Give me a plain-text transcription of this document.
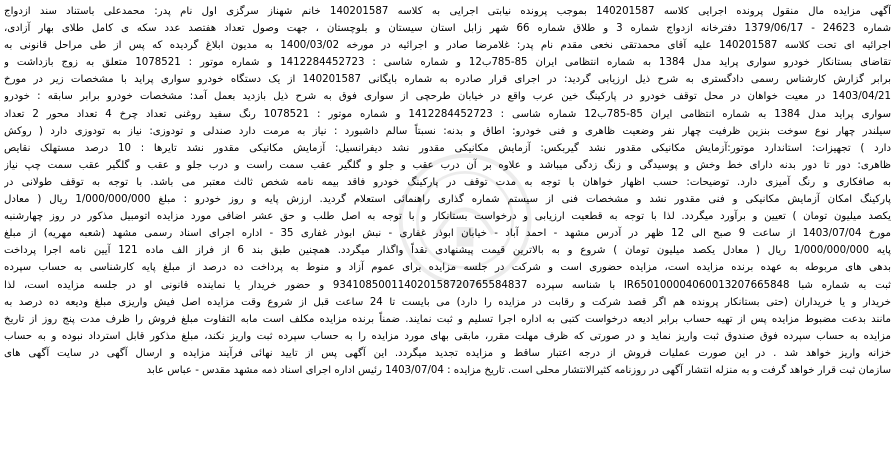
آگهی مزایده مال منقول پرونده اجرایی کلاسه 140201587 بموجب پرونده نیابتی اجرایی به کلاسه 140201587 خانم شهناز سرگزی اول نام پدر: محمدعلی باستناد سند ازدواج
شماره 24623 - 1379/06/17 دفترخانه ازدواج شماره 3 و طلاق شماره 66 شهر زابل استان سیستان و بلوچستان ، جهت وصول تعداد هفتصد عدد سکه ی کامل طلای بهار آزادی،
اجرائیه ای تحت کلاسه 140201587 علیه آقای محمدتقی نخعی مقدم نام پدر: غلامرضا صادر و اجرائیه در مورخه 1400/03/02 به مدیون ابلاغ گردیده که پس از طی مراحل قانونی به
تقاضای بستانکار خودرو سواری پراید مدل 1384 به شماره انتظامی ایران 85-785ب12 و شماره شاسی : 1412284452723 و شماره موتور : 1078521 متعلق به زوج بازداشت و
برابر گزارش کارشناس رسمی دادگستری به شرح ذیل ارزیابی گردید: در اجرای قرار صادره به شماره بایگانی 140201587 از یک دستگاه خودرو سواری پراید با مشخصات زیر در مورخ
1403/04/21 در معیت خواهان در محل توقف خودرو در پارکینگ خین عرب واقع در خیابان طرحچی از سواری فوق به شرح ذیل بازدید بعمل آمد: مشخصات خودرو برابر سابقه : خودرو
سواری پراید مدل 1384 به شماره انتظامی ایران 85-785ب12 شماره شاسی : 1412284452723 و شماره موتور : 1078521 رنگ سفید روغنی تعداد چرخ 4 تعداد محور 2 تعداد
سیلندر چهار نوع سوخت بنزین ظرفیت چهار نفر وضعیت ظاهری و فنی خودرو: اطاق و بدنه: نسبتاً سالم داشبورد : نیاز به مرمت دارد صندلی و تودوزی: نیاز به تودوزی دارد ( روکش
دارد ) تجهیزات: استاندارد موتور:آزمایش مکانیکی مقدور نشد گیربکس: آزمایش مکانیکی مقدور نشد دیفرانسیل: آزمایش مکانیکی مقدور نشد تایرها : 10 درصد مستهلک نقایص
ظاهری: دور تا دور بدنه دارای خط وخش و پوسیدگی و زنگ زدگی میباشد و علاوه بر آن درب عقب و جلو و گلگیر عقب سمت راست و درب جلو و عقب و گلگیر عقب سمت چپ نیاز
به صافکاری و رنگ آمیزی دارد. توضیحات: حسب اظهار خواهان با توجه به مدت توقف در پارکینگ خودرو فاقد بیمه نامه شخص ثالث معتبر می باشد. با توجه به توقف طولانی در
پارکینگ امکان آزمایش مکانیکی و فنی مقدور نشد و مشخصات فنی از سیستم شماره گذاری راهنمائی استعلام گردید. ارزش پایه و روز خودرو : مبلغ 1/000/000/000 ریال ( معادل
یکصد میلیون تومان ) تعیین و برآورد میگردد. لذا با توجه به قطعیت ارزیابی و درخواست بستانکار و با توجه به اصل طلب و حق عشر اضافی مورد مزایده اتومبیل مذکور در روز چهارشنبه
مورخ 1403/07/04 از ساعت 9 صبح الی 12 ظهر در آدرس مشهد - احمد آباد - خیابان ابوذر غفاری - نبش ابوذر غفاری 35 - اداره اجرای اسناد رسمی مشهد (شعبه مهریه) از مبلغ
پایه 1/000/000/000 ریال ( معادل یکصد میلیون تومان ) شروع و به بالاترین قیمت پیشنهادی نقداً واگذار میگردد. همچنین طبق بند 6 از فراز الف ماده 121 آیین نامه اجرا پرداخت
بدهی های مربوطه به عهده برنده مزایده است، مزایده حضوری است و شرکت در جلسه مزایده برای عموم آزاد و منوط به پرداخت ده درصد از مبلغ پایه کارشناسی به حساب سپرده
ثبت به شماره شبا IR650100004060013207665848 با شناسه سپرده 934108500114020158720765584837 و حضور خریدار یا نماینده قانونی او در جلسه مزایده است، لذا
خریدار و یا خریداران (حتی بستانکار پرونده هم اگر قصد شرکت و رقابت در مزایده را دارد) می بایست تا 24 ساعت قبل از شروع وقت مزایده اصل فیش واریزی مبلغ ودیعه ده درصد به
مانند بدعت مضبوط مزایده پس از تهیه حساب برابر ادیعه درخواست کتبی به اداره اجرا تسلیم و ثبت نمایند. ضمناً برنده مزایده مکلف است مابه التفاوت مبلغ فروش را ظرف مدت پنج روز از تاریخ
مزایده به حساب سپرده فوق صندوق ثبت واریز نماید و در صورتی که ظرف مهلت مقرر، مابقی بهای مورد مزایده را به حساب سپرده ثبت واریز نکند، مبلغ مذکور قابل استرداد نبوده و به حساب
خزانه واریز خواهد شد . در این صورت عملیات فروش از درجه اعتبار ساقط و مزایده تجدید میگردد. این آگهی پس از تایید نهائی فرآیند مزایده و ارسال آگهی در سایت آگهی های
سازمان ثبت قرار خواهد گرفت و به منزله انتشار آگهی در روزنامه کثیرالانتشار محلی است. تاریخ مزایده : 1403/07/04 رئیس اداره اجرای اسناد ذمه مشهد مقدس - عباس عابد
